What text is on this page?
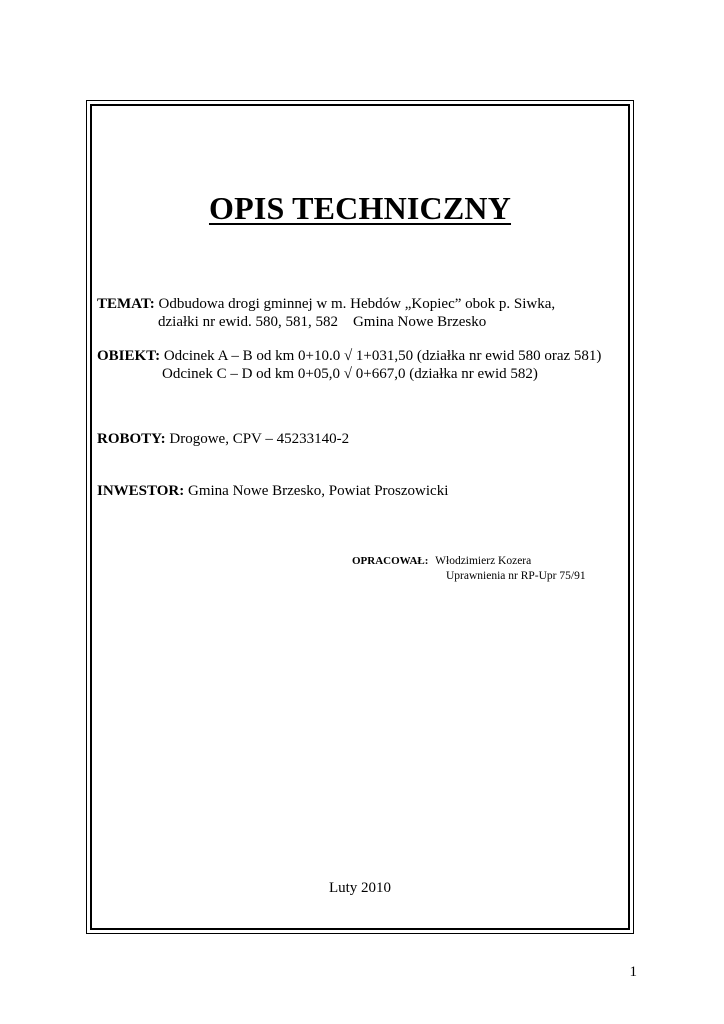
OPIS TECHNICZNY
TEMAT: Odbudowa drogi gminnej w m. Hebdów „Kopiec” obok p. Siwka,
działki nr ewid. 580, 581, 582    Gmina Nowe Brzesko
OBIEKT: Odcinek A – B od km 0+10.0 √ 1+031,50 (działka nr ewid 580 oraz 581)
Odcinek C – D od km 0+05,0 √ 0+667,0 (działka nr ewid 582)
ROBOTY: Drogowe, CPV – 45233140-2
INWESTOR: Gmina Nowe Brzesko, Powiat Proszowicki
OPRACOWAŁ: Włodzimierz Kozera
Uprawnienia nr RP-Upr 75/91
Luty 2010
1
